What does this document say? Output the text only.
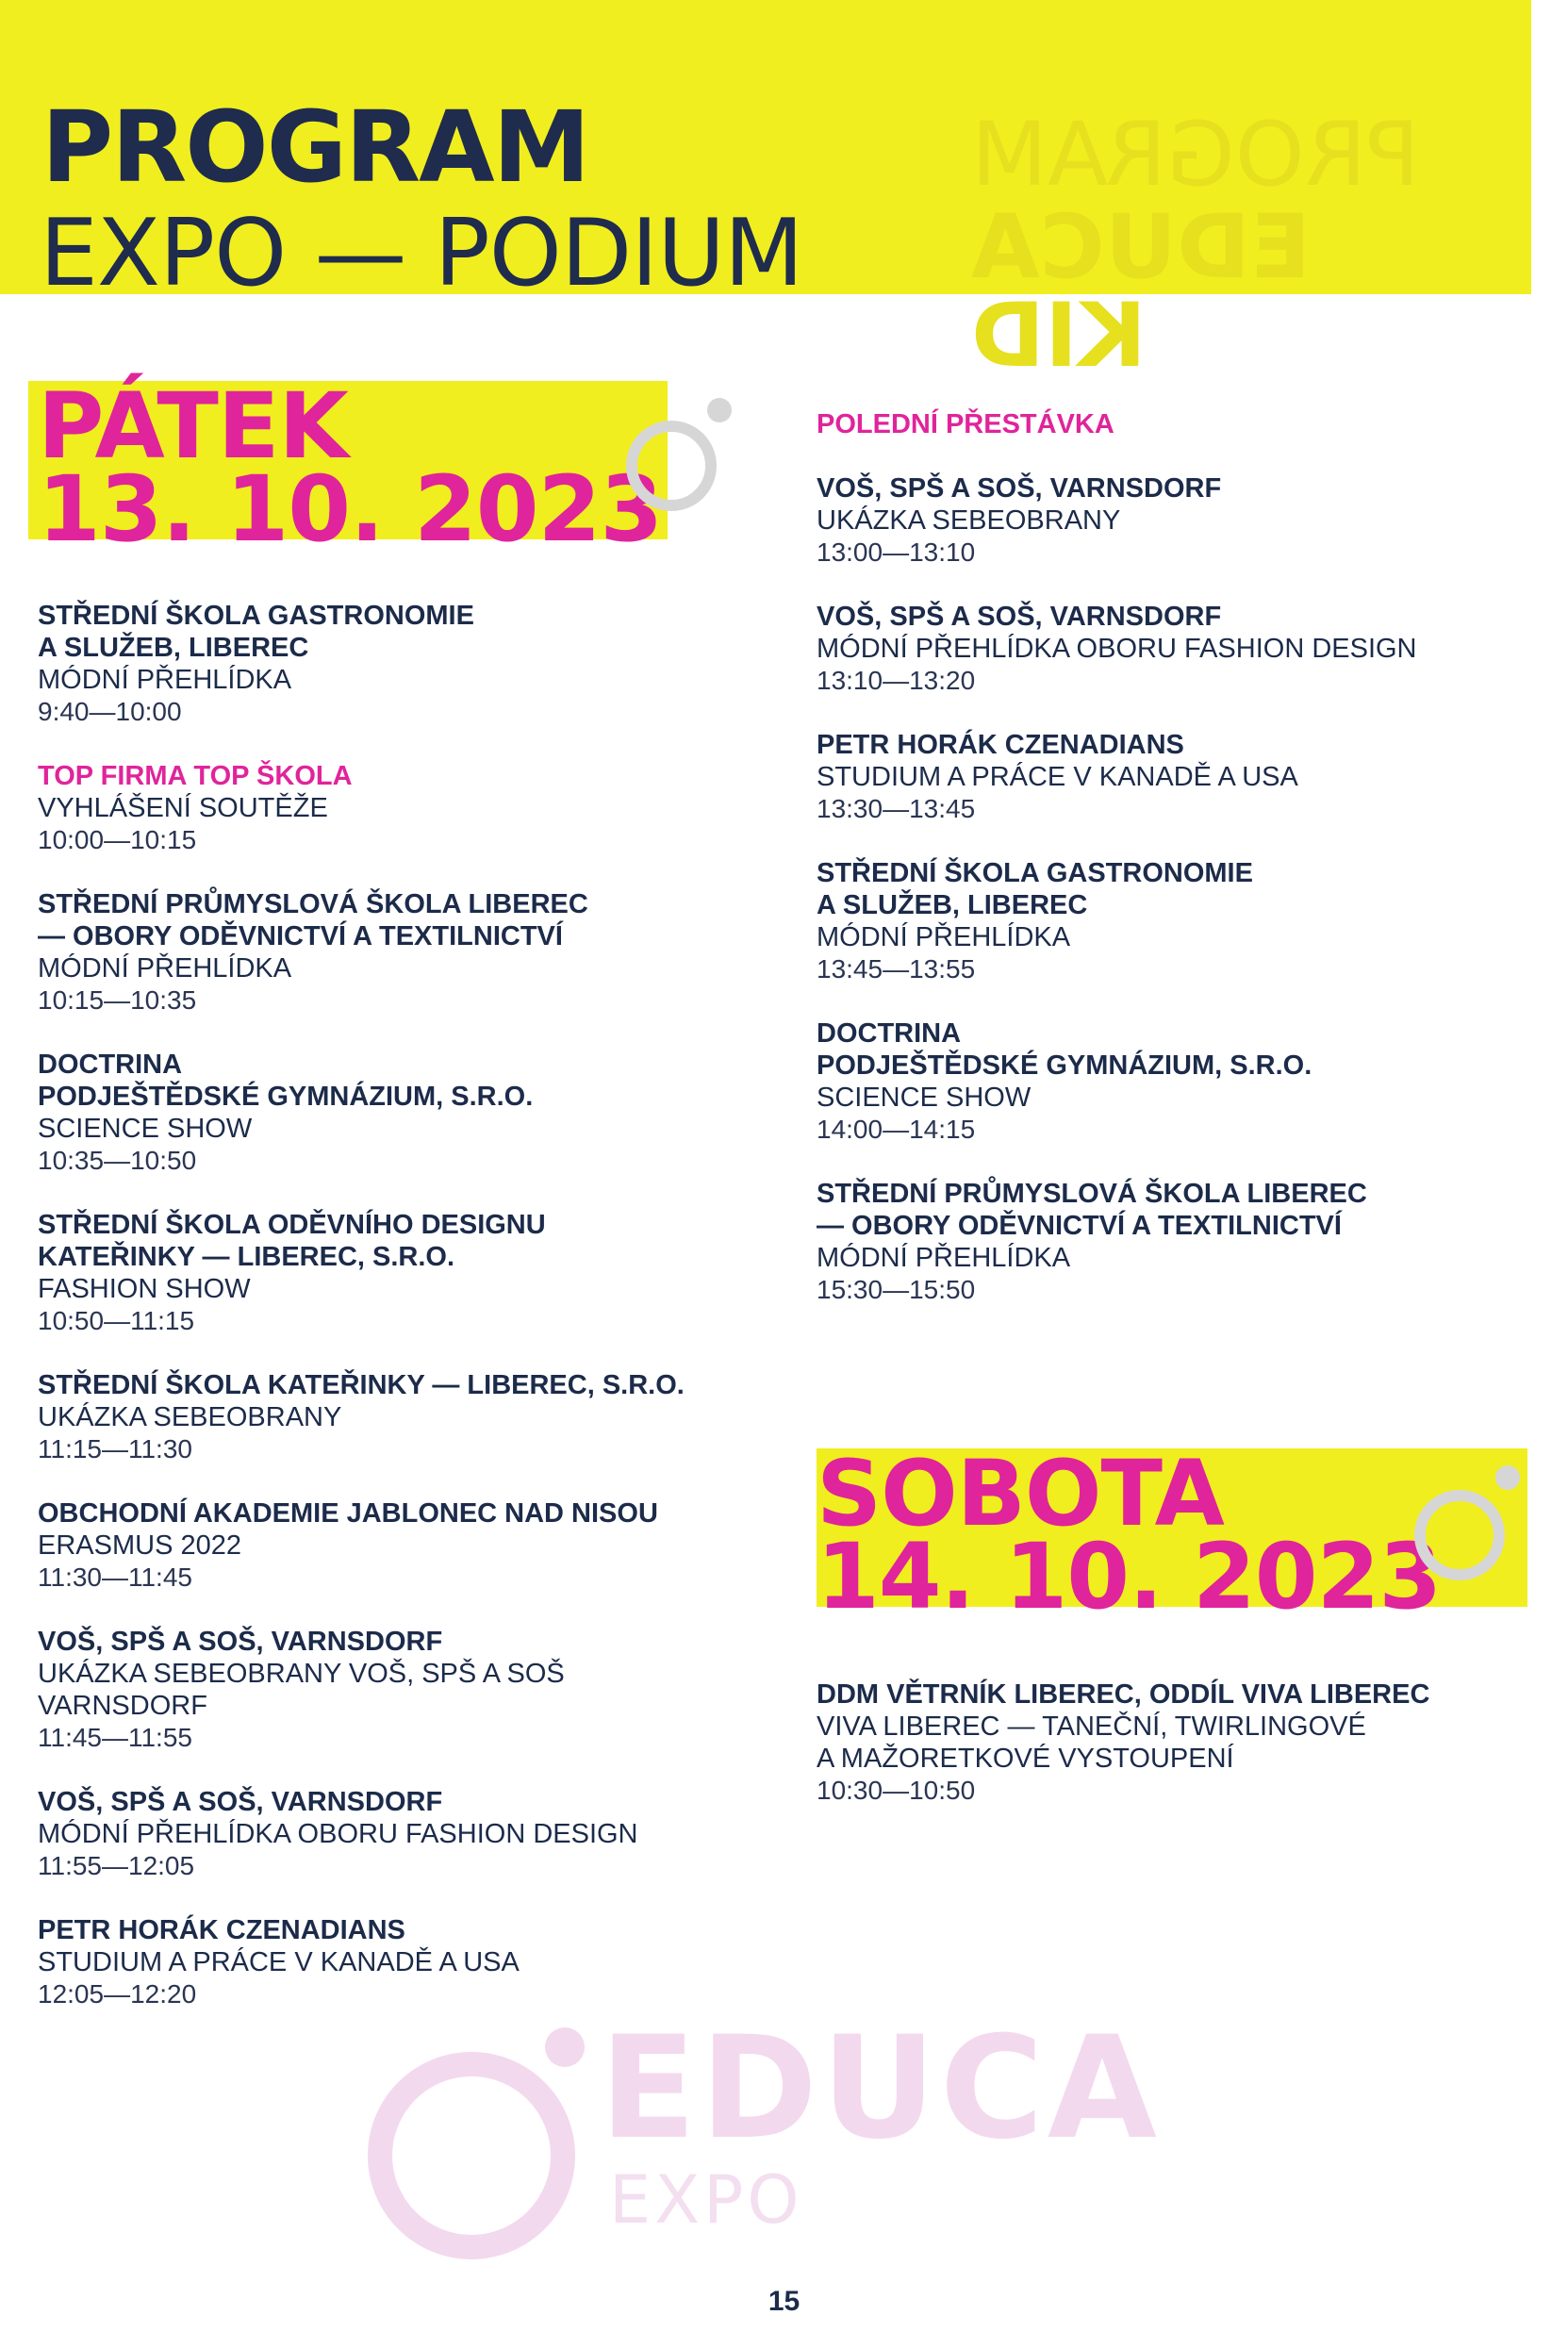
PROGRAM
EDUCA KID
PROGRAM
EXPO — PODIUM
PÁTEK
13. 10. 2023
STŘEDNÍ ŠKOLA GASTRONOMIE
A SLUŽEB, LIBEREC
MÓDNÍ PŘEHLÍDKA
9:40—10:00
TOP FIRMA TOP ŠKOLA
VYHLÁŠENÍ SOUTĚŽE
10:00—10:15
STŘEDNÍ PRŮMYSLOVÁ ŠKOLA LIBEREC
— OBORY ODĚVNICTVÍ A TEXTILNICTVÍ
MÓDNÍ PŘEHLÍDKA
10:15—10:35
DOCTRINA
PODJEŠTĚDSKÉ GYMNÁZIUM, S.R.O.
SCIENCE SHOW
10:35—10:50
STŘEDNÍ ŠKOLA ODĚVNÍHO DESIGNU
KATEŘINKY — LIBEREC, S.R.O.
FASHION SHOW
10:50—11:15
STŘEDNÍ ŠKOLA KATEŘINKY — LIBEREC, S.R.O.
UKÁZKA SEBEOBRANY
11:15—11:30
OBCHODNÍ AKADEMIE JABLONEC NAD NISOU
ERASMUS 2022
11:30—11:45
VOŠ, SPŠ A SOŠ, VARNSDORF
UKÁZKA SEBEOBRANY VOŠ, SPŠ A SOŠ
VARNSDORF
11:45—11:55
VOŠ, SPŠ A SOŠ, VARNSDORF
MÓDNÍ PŘEHLÍDKA OBORU FASHION DESIGN
11:55—12:05
PETR HORÁK CZENADIANS
STUDIUM A PRÁCE V KANADĚ A USA
12:05—12:20
POLEDNÍ PŘESTÁVKA
VOŠ, SPŠ A SOŠ, VARNSDORF
UKÁZKA SEBEOBRANY
13:00—13:10
VOŠ, SPŠ A SOŠ, VARNSDORF
MÓDNÍ PŘEHLÍDKA OBORU FASHION DESIGN
13:10—13:20
PETR HORÁK CZENADIANS
STUDIUM A PRÁCE V KANADĚ A USA
13:30—13:45
STŘEDNÍ ŠKOLA GASTRONOMIE
A SLUŽEB, LIBEREC
MÓDNÍ PŘEHLÍDKA
13:45—13:55
DOCTRINA
PODJEŠTĚDSKÉ GYMNÁZIUM, S.R.O.
SCIENCE SHOW
14:00—14:15
STŘEDNÍ PRŮMYSLOVÁ ŠKOLA LIBEREC
— OBORY ODĚVNICTVÍ A TEXTILNICTVÍ
MÓDNÍ PŘEHLÍDKA
15:30—15:50
SOBOTA
14. 10. 2023
DDM VĚTRNÍK LIBEREC, ODDÍL VIVA LIBEREC
VIVA LIBEREC — TANEČNÍ, TWIRLINGOVÉ
A MAŽORETKOVÉ VYSTOUPENÍ
10:30—10:50
EDUCA
EXPO
15
